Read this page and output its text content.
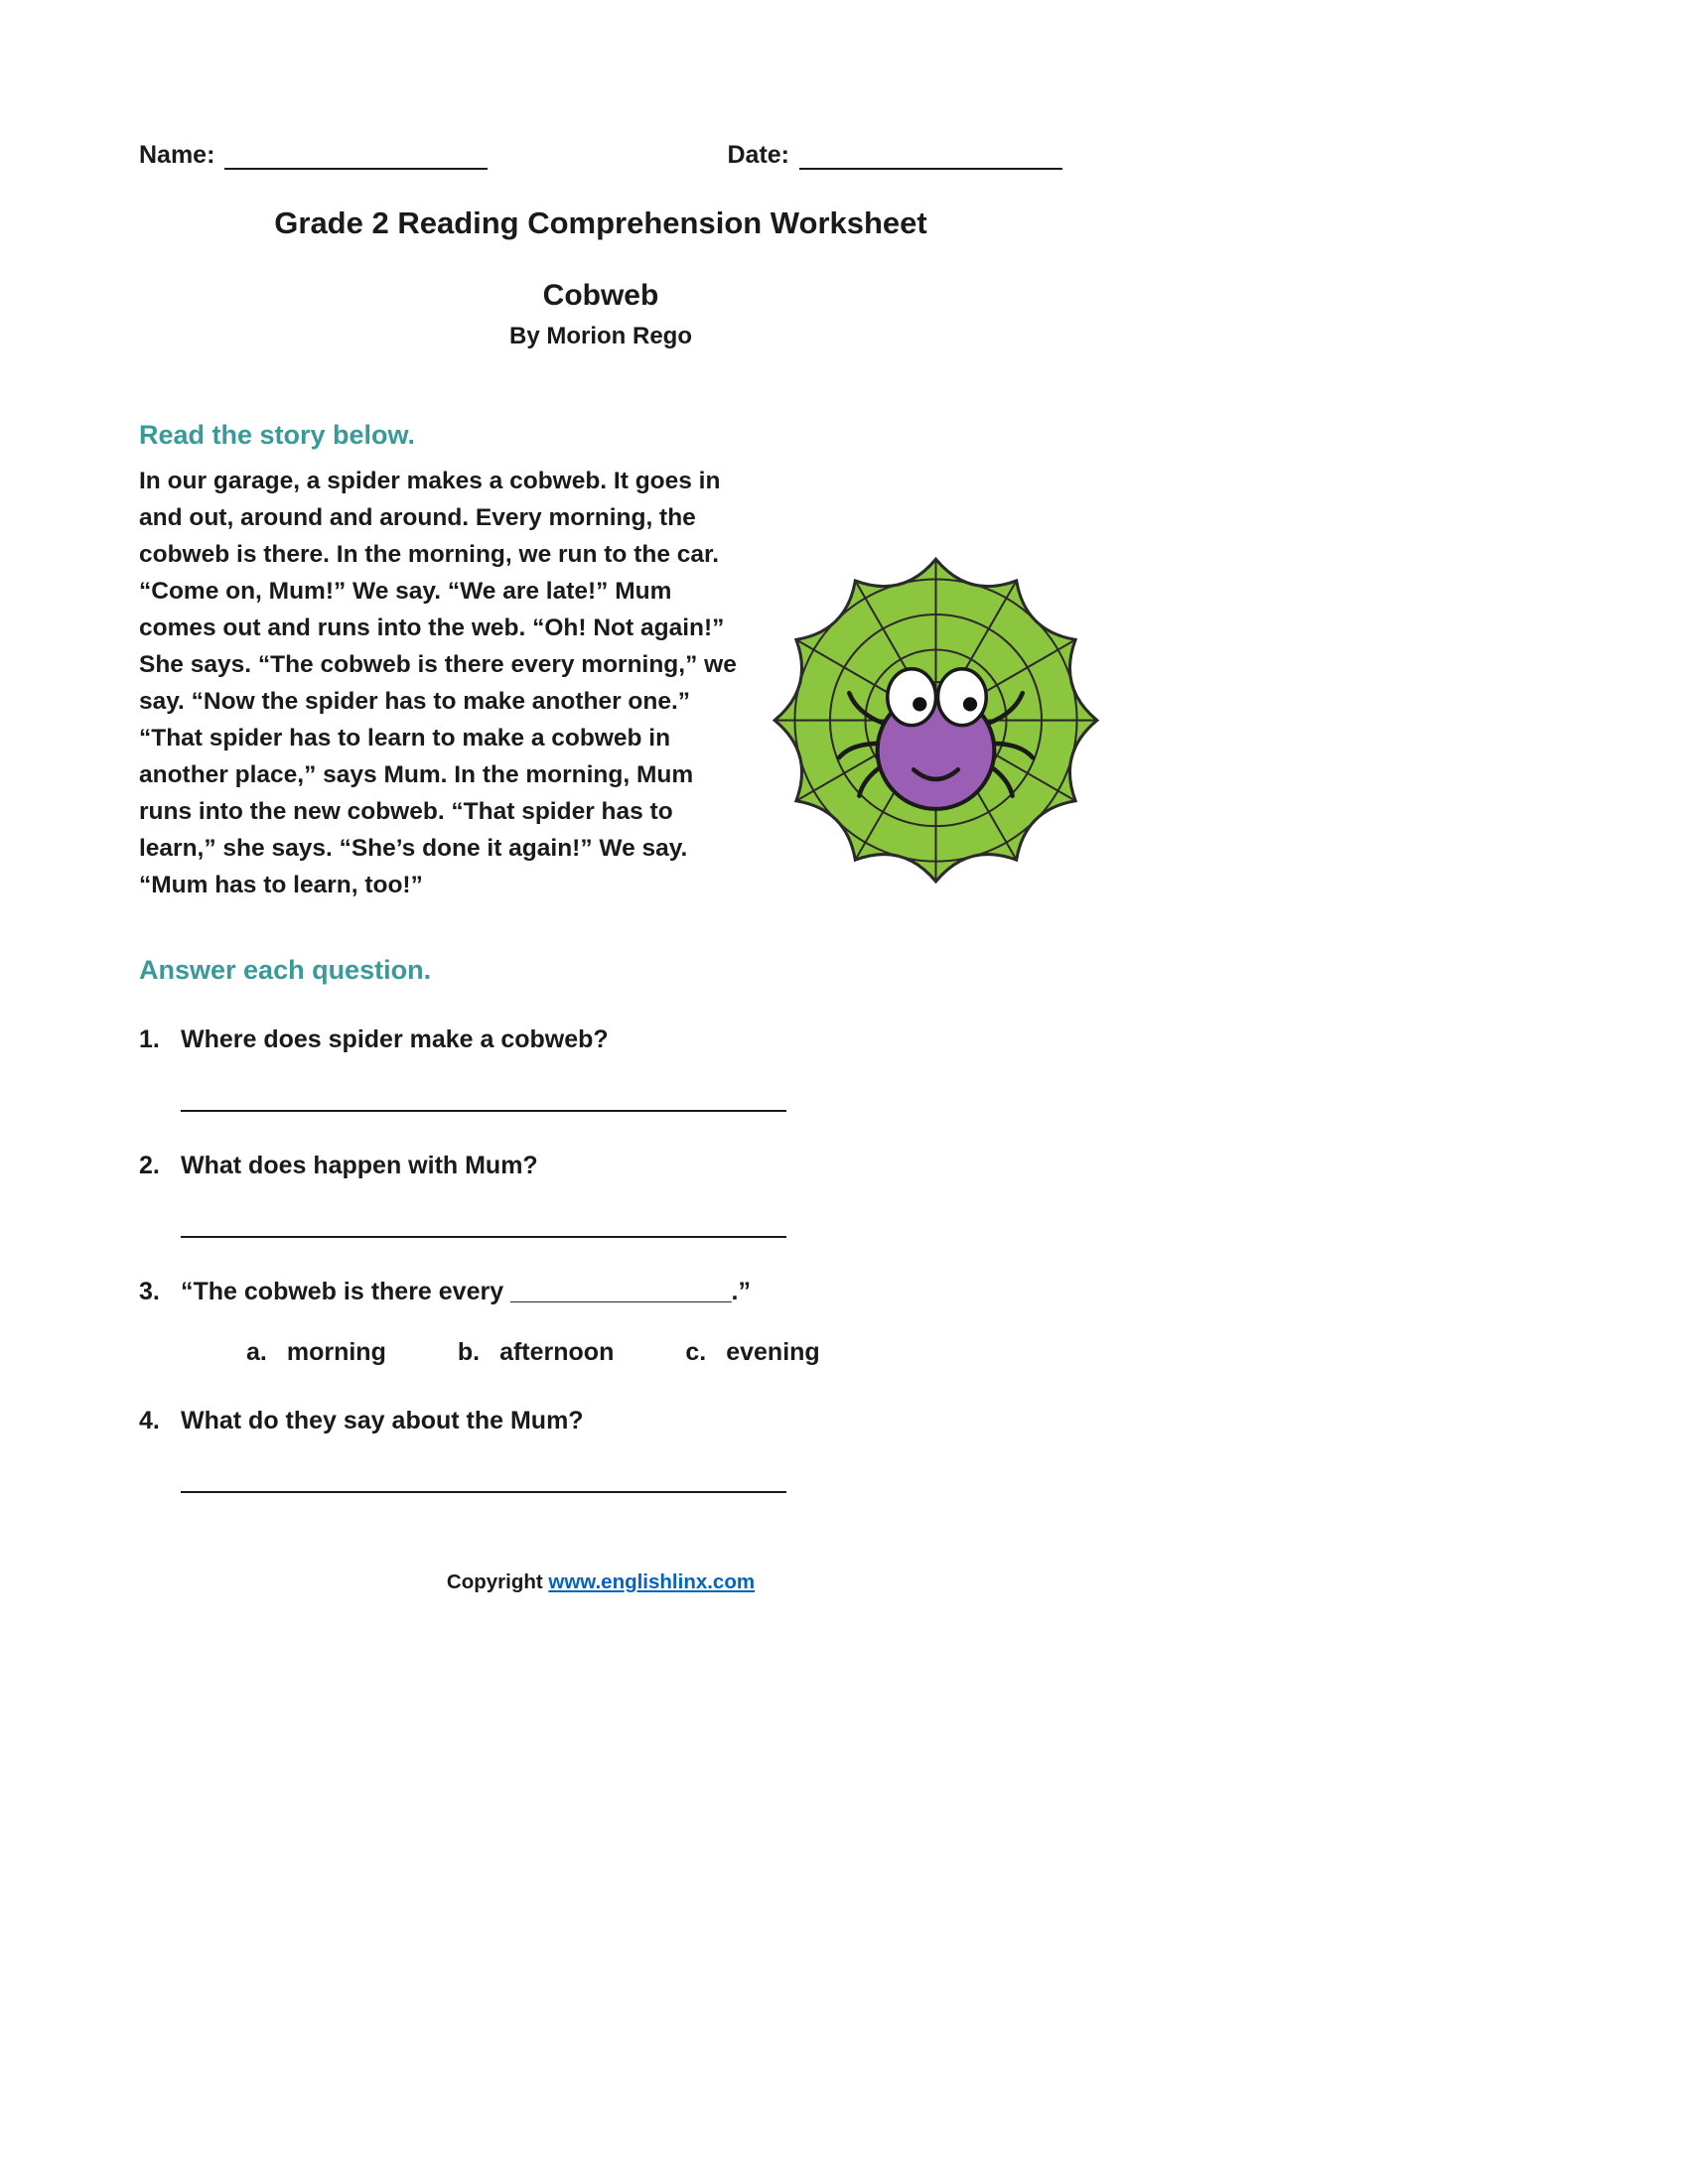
Name:	Date:
Grade 2 Reading Comprehension Worksheet
Cobweb
By Morion Rego
Read the story below.

In our garage, a spider makes a cobweb. It goes in and out, around and around. Every morning, the cobweb is there. In the morning, we run to the car. “Come on, Mum!” We say. “We are late!” Mum comes out and runs into the web. “Oh! Not again!” She says. “The cobweb is there every morning,” we say. “Now the spider has to make another one.” “That spider has to learn to make a cobweb in another place,” says Mum. In the morning, Mum runs into the new cobweb. “That spider has to learn,” she says. “She’s done it again!” We say. “Mum has to learn, too!”

Answer each question.
1. Where does spider make a cobweb?
2. What does happen with Mum?
3. “The cobweb is there every ________________.”
a. morning	b. afternoon	c. evening
4. What do they say about the Mum?
Copyright www.englishlinx.com
